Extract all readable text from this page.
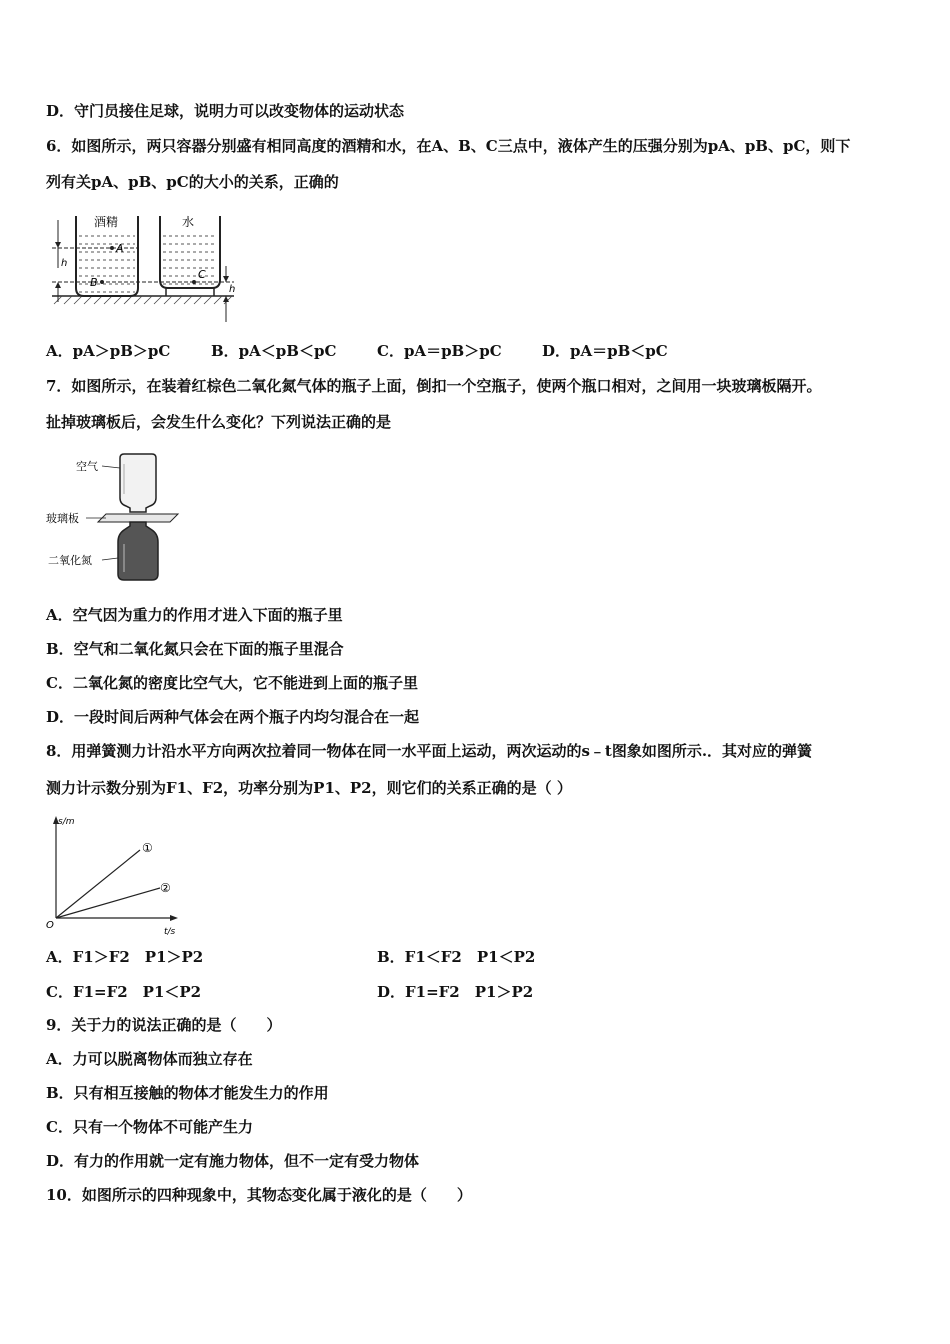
D．守门员接住足球，说明力可以改变物体的运动状态
6．如图所示，两只容器分别盛有相同高度的酒精和水，在A、B、C三点中，液体产生的压强分别为pA、pB、pC，则下
列有关pA、pB、pC的大小的关系，正确的
h
h
酒精	水
A
B
C
A．pA＞pB＞pC	B．pA＜pB＜pC	C．pA＝pB＞pC	D．pA＝pB＜pC
7．如图所示，在装着红棕色二氧化氮气体的瓶子上面，倒扣一个空瓶子，使两个瓶口相对，之间用一块玻璃板隔开。
扯掉玻璃板后，会发生什么变化？下列说法正确的是
空气
玻璃板
二氧化氮
A．空气因为重力的作用才进入下面的瓶子里
B．空气和二氧化氮只会在下面的瓶子里混合
C．二氧化氮的密度比空气大，它不能进到上面的瓶子里
D．一段时间后两种气体会在两个瓶子内均匀混合在一起
8．用弹簧测力计沿水平方向两次拉着同一物体在同一水平面上运动，两次运动的s﹣t图象如图所示.．其对应的弹簧
测力计示数分别为F1、F2，功率分别为P1、P2，则它们的关系正确的是（ ）
s/m
t/s
O
①
②
A．F1＞F2　P1＞P2	B．F1＜F2　P1＜P2
C．F1=F2　P1＜P2	D．F1=F2　P1＞P2
9．关于力的说法正确的是（　　）
A．力可以脱离物体而独立存在
B．只有相互接触的物体才能发生力的作用
C．只有一个物体不可能产生力
D．有力的作用就一定有施力物体，但不一定有受力物体
10．如图所示的四种现象中，其物态变化属于液化的是（　　）
